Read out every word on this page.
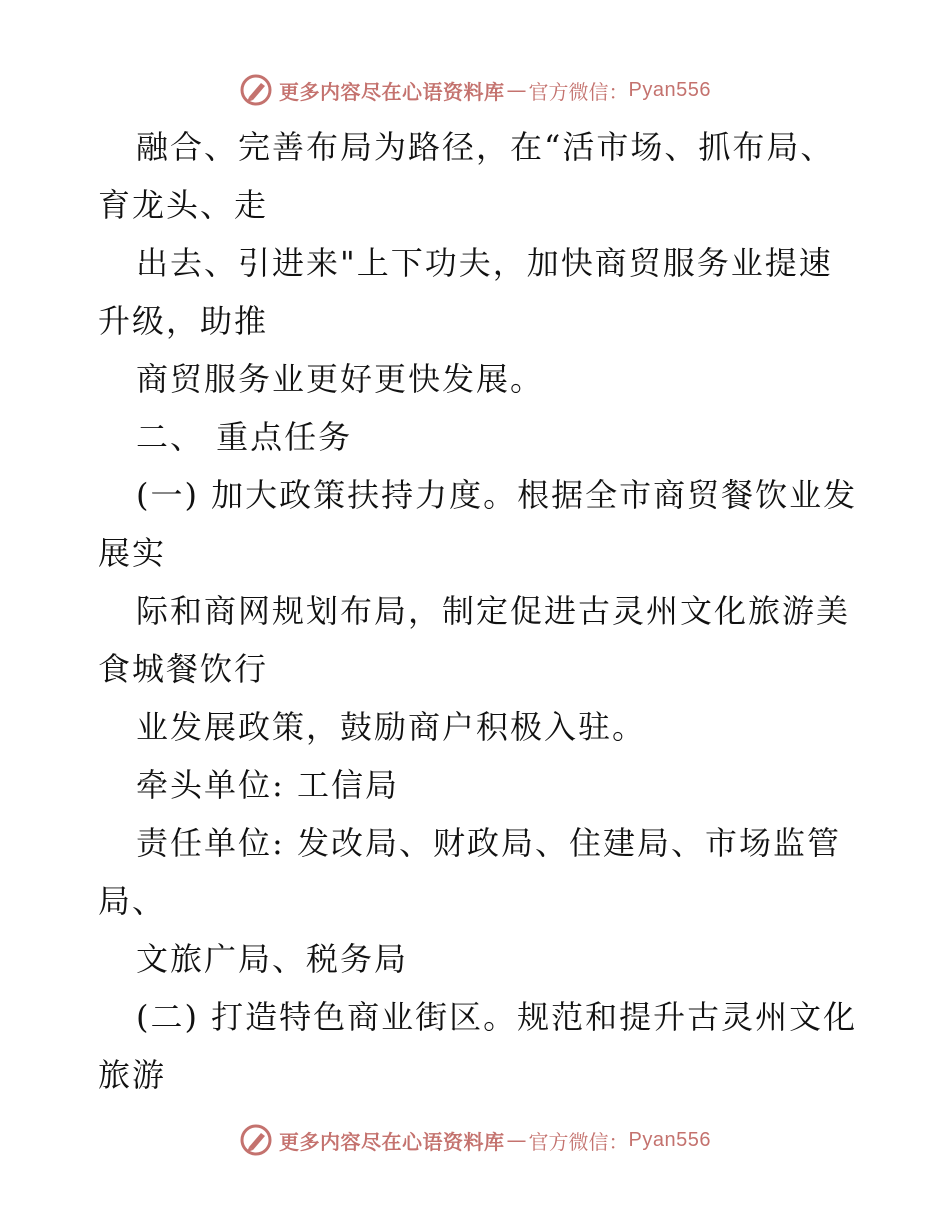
更多内容尽在心语资料库 — 官方微信： Pyan556
融合、完善布局为路径，在“活市场、抓布局、
育龙头、走
出去、引进来"上下功夫，加快商贸服务业提速
升级，助推
商贸服务业更好更快发展。
二、 重点任务
(一) 加大政策扶持力度。根据全市商贸餐饮业发
展实
际和商网规划布局，制定促进古灵州文化旅游美
食城餐饮行
业发展政策，鼓励商户积极入驻。
牵头单位: 工信局
责任单位: 发改局、财政局、住建局、市场监管
局、
文旅广局、税务局
(二) 打造特色商业街区。规范和提升古灵州文化
旅游
更多内容尽在心语资料库 — 官方微信： Pyan556
